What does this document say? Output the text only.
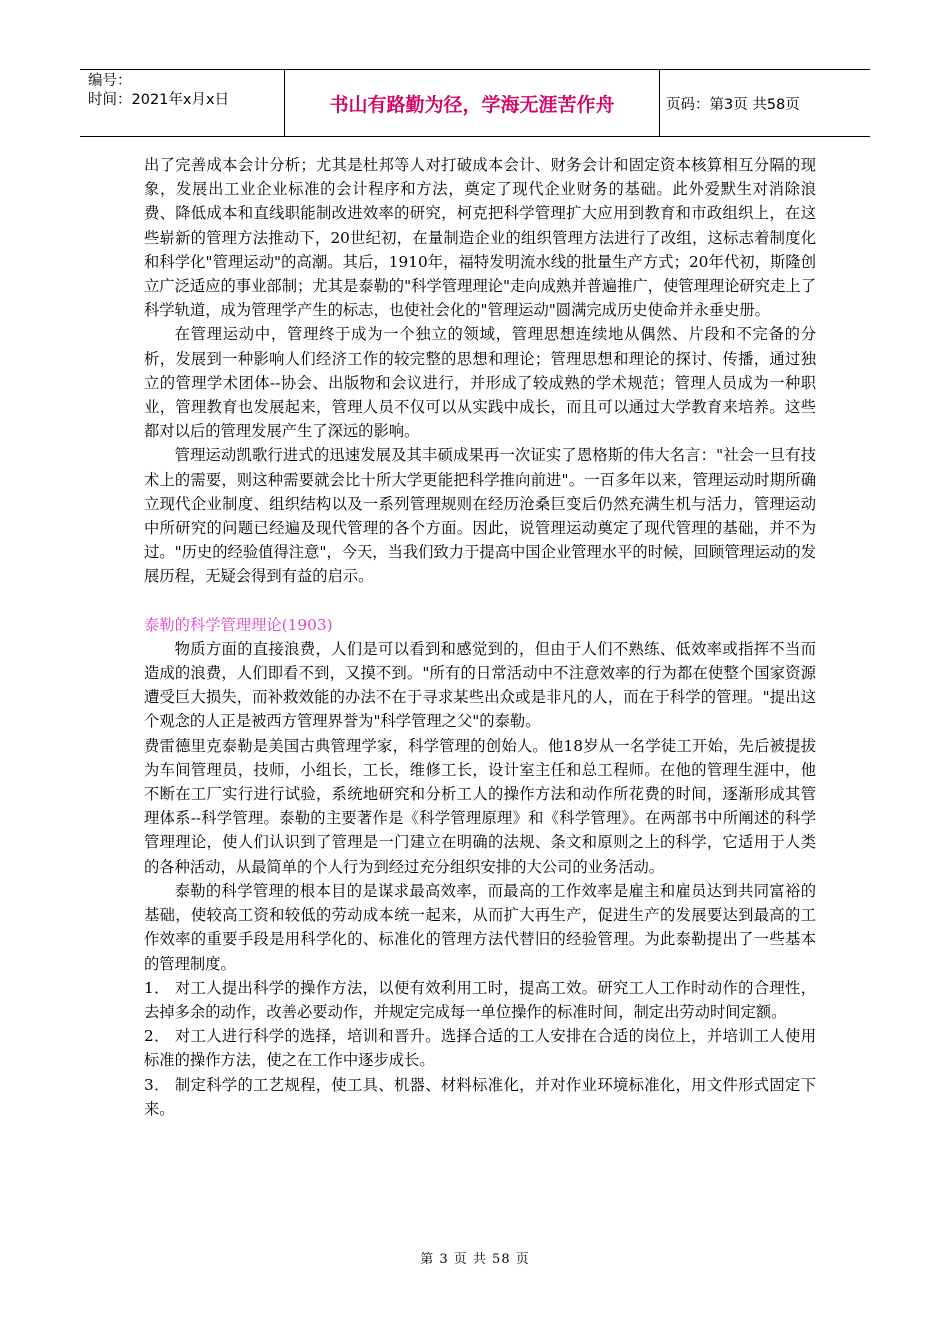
编号：
时间：2021年x月x日	书山有路勤为径，学海无涯苦作舟	页码：第3页 共58页

出了完善成本会计分析；尤其是杜邦等人对打破成本会计、财务会计和固定资本核算相互分隔的现象，发展出工业企业标准的会计程序和方法，奠定了现代企业财务的基础。此外爱默生对消除浪费、降低成本和直线职能制改进效率的研究，柯克把科学管理扩大应用到教育和市政组织上，在这些崭新的管理方法推动下，20世纪初，在量制造企业的组织管理方法进行了改组，这标志着制度化和科学化"管理运动"的高潮。其后，1910年，福特发明流水线的批量生产方式；20年代初，斯隆创立广泛适应的事业部制；尤其是泰勒的"科学管理理论"走向成熟并普遍推广，使管理理论研究走上了科学轨道，成为管理学产生的标志，也使社会化的"管理运动"圆满完成历史使命并永垂史册。

在管理运动中，管理终于成为一个独立的领域，管理思想连续地从偶然、片段和不完备的分析，发展到一种影响人们经济工作的较完整的思想和理论；管理思想和理论的探讨、传播，通过独立的管理学术团体--协会、出版物和会议进行，并形成了较成熟的学术规范；管理人员成为一种职业，管理教育也发展起来，管理人员不仅可以从实践中成长，而且可以通过大学教育来培养。这些都对以后的管理发展产生了深远的影响。

管理运动凯歌行进式的迅速发展及其丰硕成果再一次证实了恩格斯的伟大名言："社会一旦有技术上的需要，则这种需要就会比十所大学更能把科学推向前进"。一百多年以来，管理运动时期所确立现代企业制度、组织结构以及一系列管理规则在经历沧桑巨变后仍然充满生机与活力，管理运动中所研究的问题已经遍及现代管理的各个方面。因此，说管理运动奠定了现代管理的基础，并不为过。"历史的经验值得注意"，今天，当我们致力于提高中国企业管理水平的时候，回顾管理运动的发展历程，无疑会得到有益的启示。

泰勒的科学管理理论(1903)

物质方面的直接浪费，人们是可以看到和感觉到的，但由于人们不熟练、低效率或指挥不当而造成的浪费，人们即看不到，又摸不到。"所有的日常活动中不注意效率的行为都在使整个国家资源遭受巨大损失，而补救效能的办法不在于寻求某些出众或是非凡的人，而在于科学的管理。"提出这个观念的人正是被西方管理界誉为"科学管理之父"的泰勒。

费雷德里克泰勒是美国古典管理学家，科学管理的创始人。他18岁从一名学徒工开始，先后被提拔为车间管理员，技师，小组长，工长，维修工长，设计室主任和总工程师。在他的管理生涯中，他不断在工厂实行进行试验，系统地研究和分析工人的操作方法和动作所花费的时间，逐渐形成其管理体系--科学管理。泰勒的主要著作是《科学管理原理》和《科学管理》。在两部书中所阐述的科学管理理论，使人们认识到了管理是一门建立在明确的法规、条文和原则之上的科学，它适用于人类的各种活动，从最简单的个人行为到经过充分组织安排的大公司的业务活动。

泰勒的科学管理的根本目的是谋求最高效率，而最高的工作效率是雇主和雇员达到共同富裕的基础，使较高工资和较低的劳动成本统一起来，从而扩大再生产，促进生产的发展要达到最高的工作效率的重要手段是用科学化的、标准化的管理方法代替旧的经验管理。为此泰勒提出了一些基本的管理制度。

1． 对工人提出科学的操作方法，以便有效利用工时，提高工效。研究工人工作时动作的合理性，去掉多余的动作，改善必要动作，并规定完成每一单位操作的标准时间，制定出劳动时间定额。

2． 对工人进行科学的选择，培训和晋升。选择合适的工人安排在合适的岗位上，并培训工人使用标准的操作方法，使之在工作中逐步成长。

3． 制定科学的工艺规程，使工具、机器、材料标准化，并对作业环境标准化，用文件形式固定下来。

第 3 页 共 58 页
